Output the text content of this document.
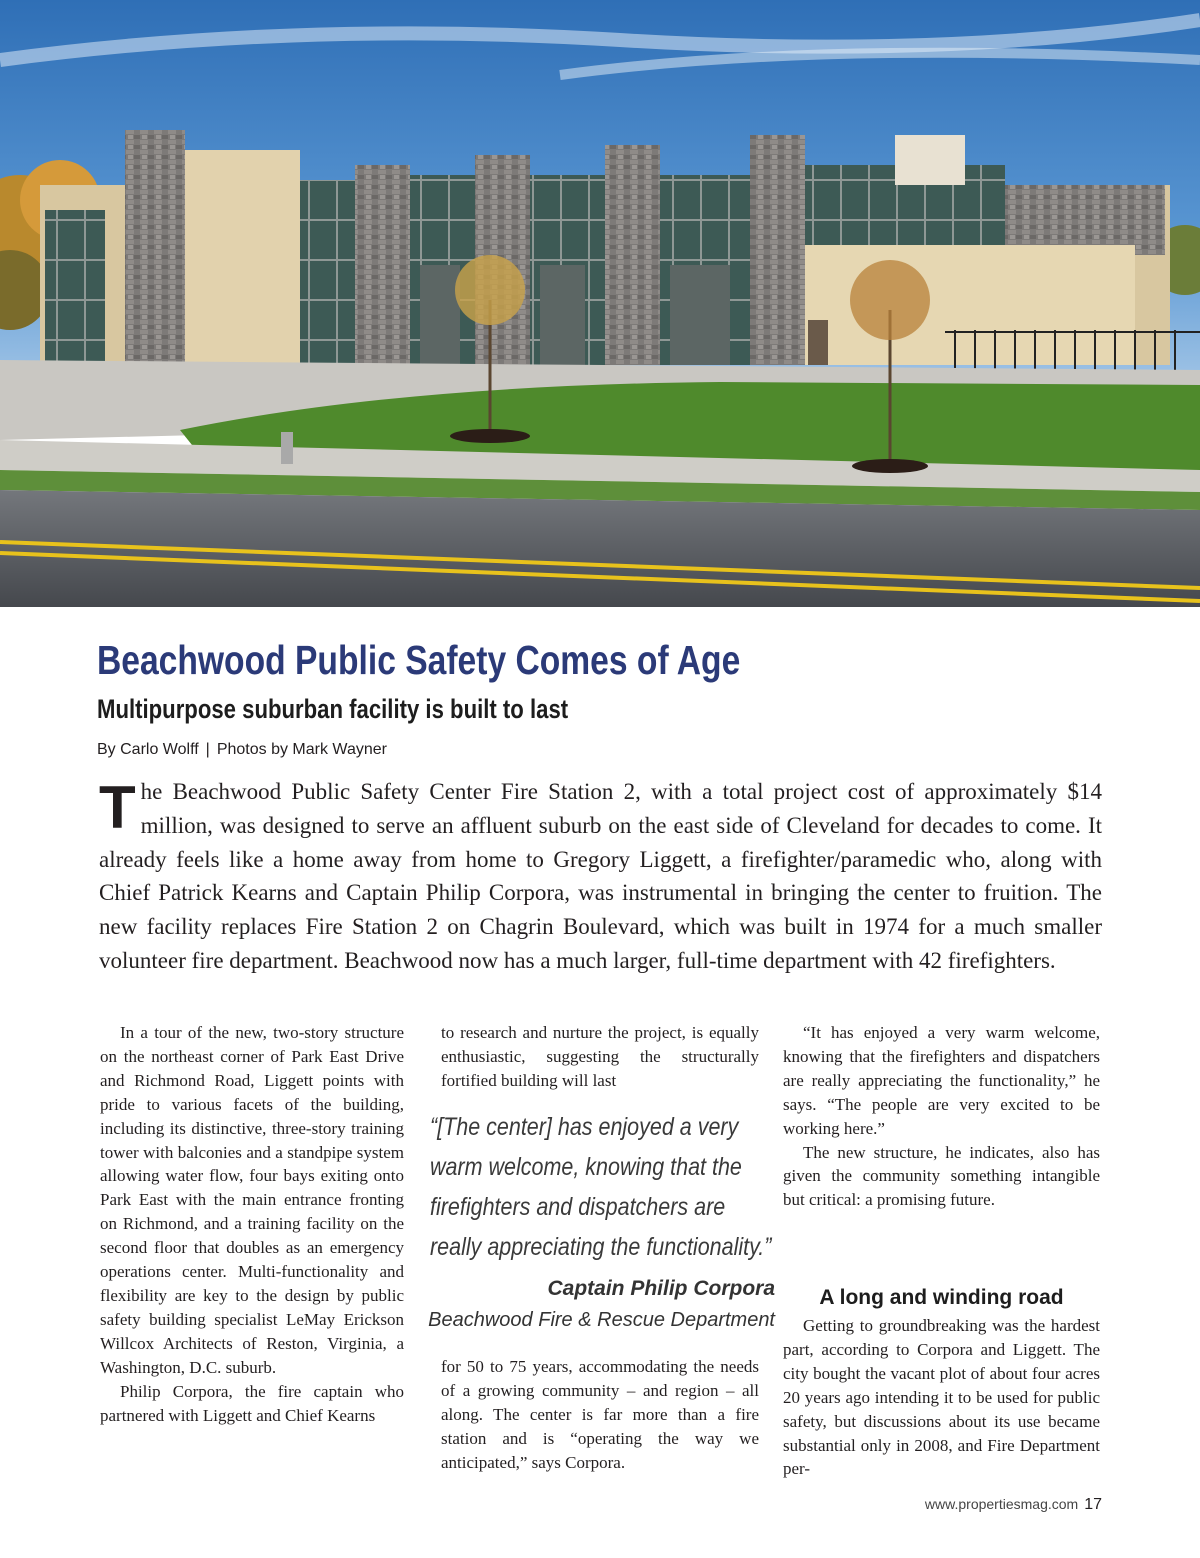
Beachwood Public Safety Comes of Age
Multipurpose suburban facility is built to last
By Carlo Wolff | Photos by Mark Wayner

The Beachwood Public Safety Center Fire Station 2, with a total project cost of approximately $14 million, was designed to serve an affluent suburb on the east side of Cleveland for decades to come. It already feels like a home away from home to Gregory Liggett, a firefighter/paramedic who, along with Chief Patrick Kearns and Captain Philip Corpora, was instrumental in bringing the center to fruition. The new facility replaces Fire Station 2 on Chagrin Boulevard, which was built in 1974 for a much smaller volunteer fire department. Beachwood now has a much larger, full-time department with 42 firefighters.

In a tour of the new, two-story structure on the northeast corner of Park East Drive and Richmond Road, Liggett points with pride to various facets of the building, including its distinctive, three-story training tower with balconies and a standpipe system allowing water flow, four bays exiting onto Park East with the main entrance fronting on Richmond, and a training facility on the second floor that doubles as an emergency operations center. Multi-functionality and flexibility are key to the design by public safety building specialist LeMay Erickson Willcox Architects of Reston, Virginia, a Washington, D.C. suburb.

Philip Corpora, the fire captain who partnered with Liggett and Chief Kearns

to research and nurture the project, is equally enthusiastic, suggesting the structurally fortified building will last

“[The center] has enjoyed a very warm welcome, knowing that the firefighters and dispatchers are really appreciating the functionality.”

Captain Philip Corpora
Beachwood Fire & Rescue Department

for 50 to 75 years, accommodating the needs of a growing community – and region – all along. The center is far more than a fire station and is “operating the way we anticipated,” says Corpora.

“It has enjoyed a very warm welcome, knowing that the firefighters and dispatchers are really appreciating the functionality,” he says. “The people are very excited to be working here.”

The new structure, he indicates, also has given the community something intangible but critical: a promising future.

A long and winding road

Getting to groundbreaking was the hardest part, according to Corpora and Liggett. The city bought the vacant plot of about four acres 20 years ago intending it to be used for public safety, but discussions about its use became substantial only in 2008, and Fire Department per-

www.propertiesmag.com 17
